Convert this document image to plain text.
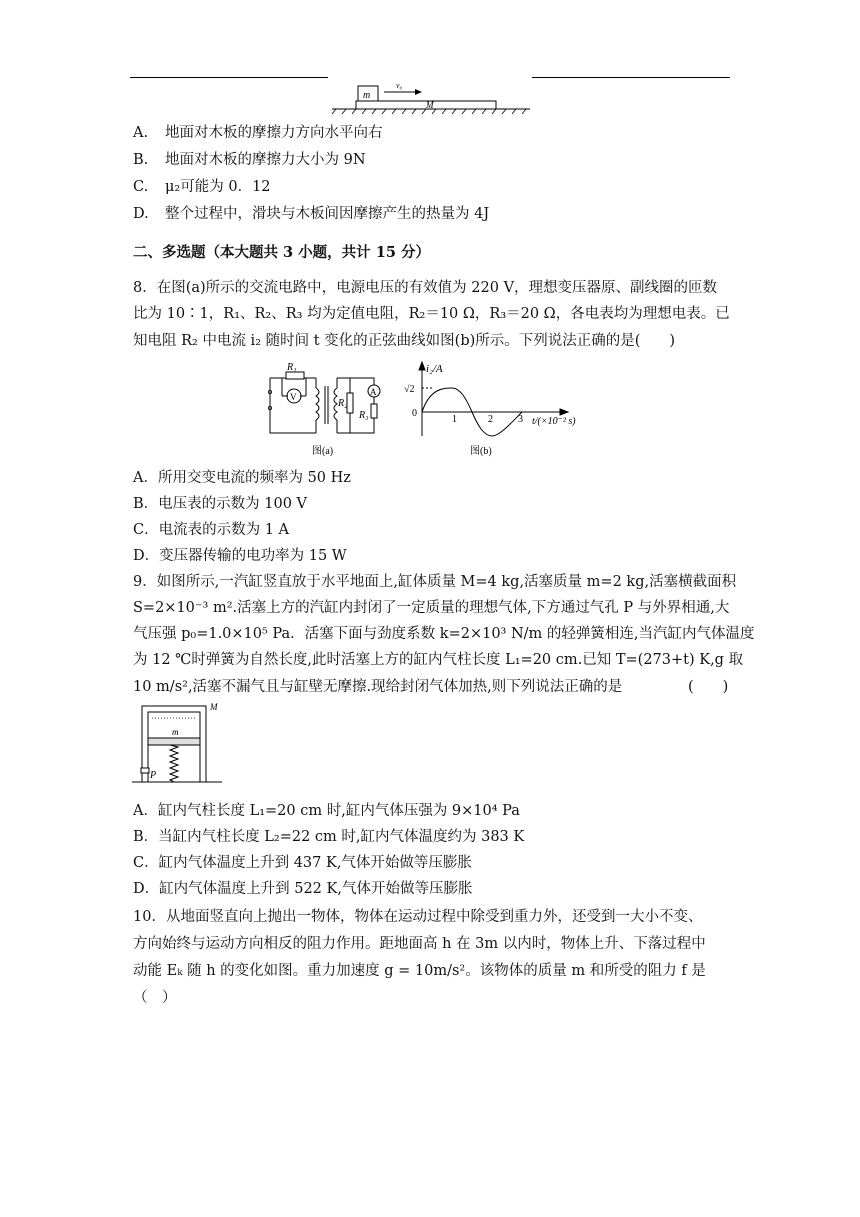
m
v₀
M
A. 地面对木板的摩擦力方向水平向右
B. 地面对木板的摩擦力大小为 9N
C. μ₂可能为 0．12
D. 整个过程中，滑块与木板间因摩擦产生的热量为 4J
二、多选题（本大题共 3 小题，共计 15 分）
8．在图(a)所示的交流电路中，电源电压的有效值为 220 V，理想变压器原、副线圈的匝数
比为 10∶1，R₁、R₂、R₃ 均为定值电阻，R₂＝10 Ω，R₃＝20 Ω，各电表均为理想电表。已
知电阻 R₂ 中电流 i₂ 随时间 t 变化的正弦曲线如图(b)所示。下列说法正确的是(　　)
R₁
V
R₂
A
R₃
图(a)
i₂/A
√2
0
1	2	3 t/(×10⁻² s)
图(b)
A．所用交变电流的频率为 50 Hz
B．电压表的示数为 100 V
C．电流表的示数为 1 A
D．变压器传输的电功率为 15 W
9．如图所示,一汽缸竖直放于水平地面上,缸体质量 M=4 kg,活塞质量 m=2 kg,活塞横截面积
S=2×10⁻³ m².活塞上方的汽缸内封闭了一定质量的理想气体,下方通过气孔 P 与外界相通,大
气压强 p₀=1.0×10⁵ Pa．活塞下面与劲度系数 k=2×10³ N/m 的轻弹簧相连,当汽缸内气体温度
为 12 ℃时弹簧为自然长度,此时活塞上方的缸内气柱长度 L₁=20 cm.已知 T=(273+t) K,g 取
10 m/s²,活塞不漏气且与缸壁无摩擦.现给封闭气体加热,则下列说法正确的是	(　　)
M
m
P
A．缸内气柱长度 L₁=20 cm 时,缸内气体压强为 9×10⁴ Pa
B．当缸内气柱长度 L₂=22 cm 时,缸内气体温度约为 383 K
C．缸内气体温度上升到 437 K,气体开始做等压膨胀
D．缸内气体温度上升到 522 K,气体开始做等压膨胀
10．从地面竖直向上抛出一物体，物体在运动过程中除受到重力外，还受到一大小不变、
方向始终与运动方向相反的阻力作用。距地面高 h 在 3m 以内时，物体上升、下落过程中
动能 Eₖ 随 h 的变化如图。重力加速度 g = 10m/s²。该物体的质量 m 和所受的阻力 f 是
（　）
